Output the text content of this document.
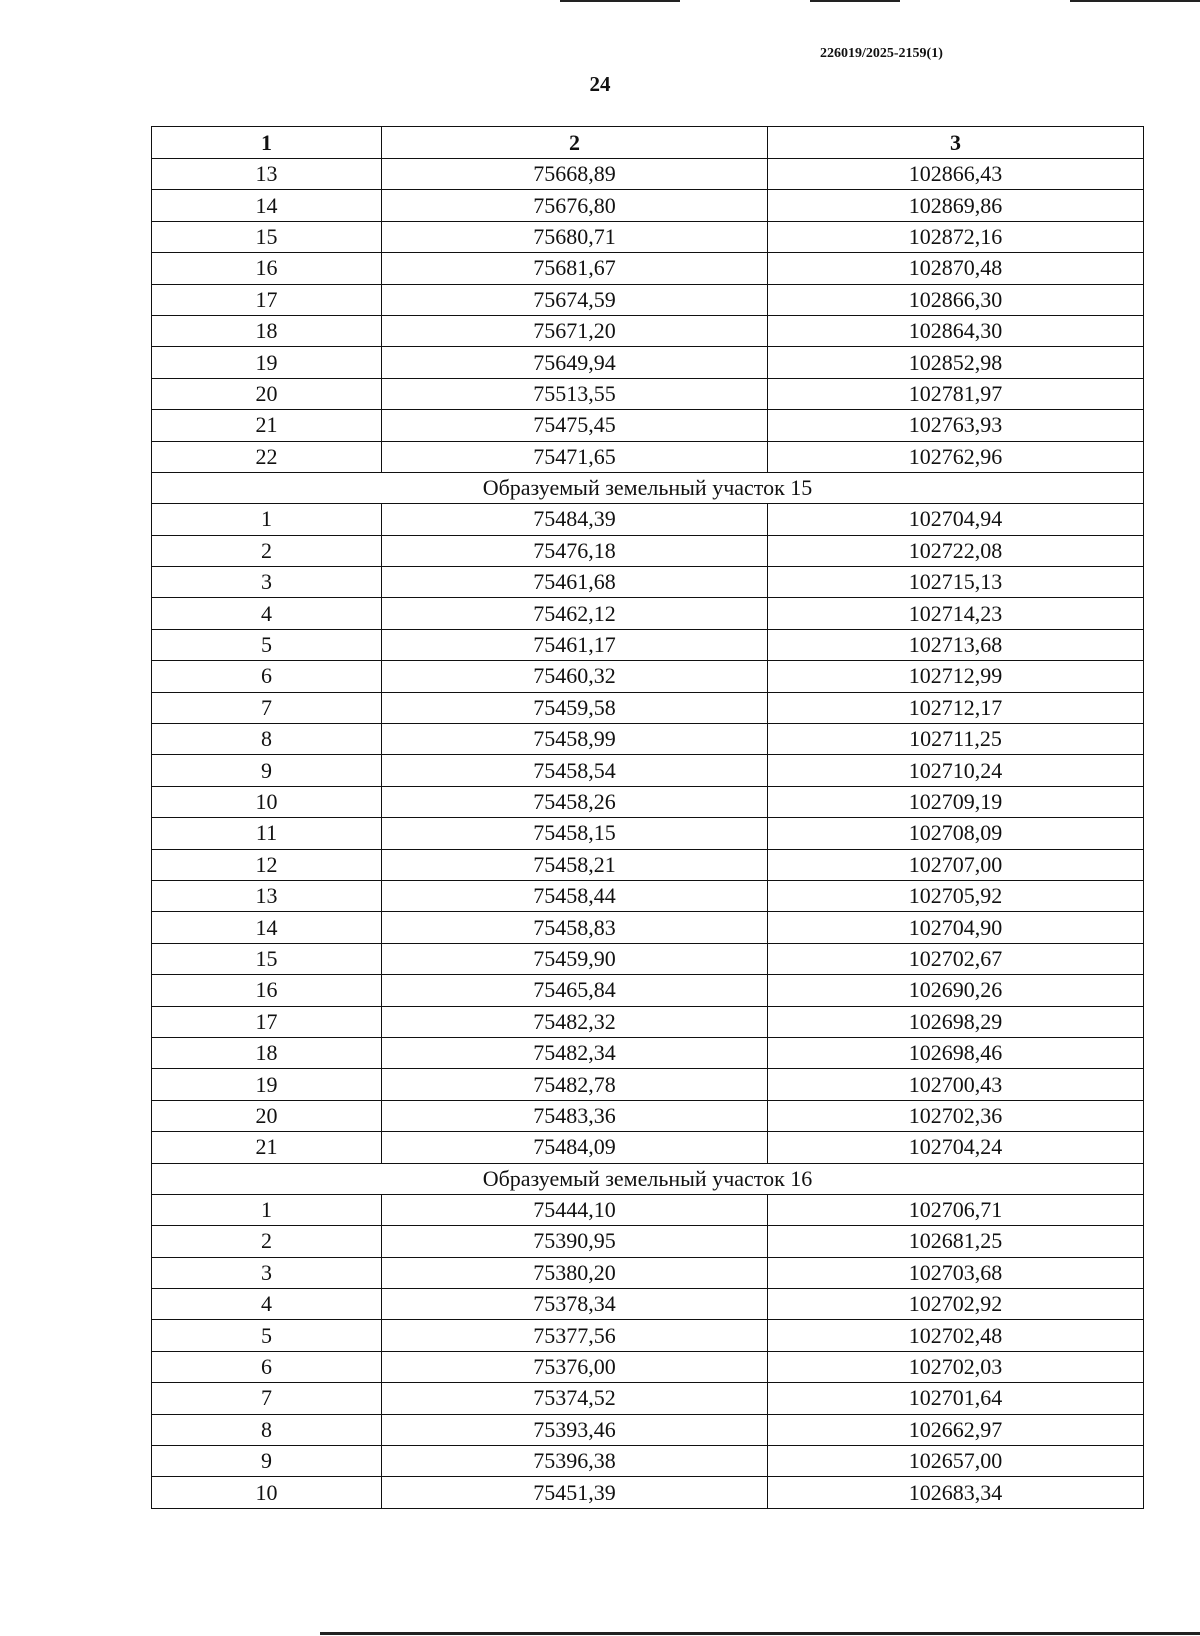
226019/2025-2159(1)
24
1	2	3
13	75668,89	102866,43
14	75676,80	102869,86
15	75680,71	102872,16
16	75681,67	102870,48
17	75674,59	102866,30
18	75671,20	102864,30
19	75649,94	102852,98
20	75513,55	102781,97
21	75475,45	102763,93
22	75471,65	102762,96
Образуемый земельный участок 15		
1	75484,39	102704,94
2	75476,18	102722,08
3	75461,68	102715,13
4	75462,12	102714,23
5	75461,17	102713,68
6	75460,32	102712,99
7	75459,58	102712,17
8	75458,99	102711,25
9	75458,54	102710,24
10	75458,26	102709,19
11	75458,15	102708,09
12	75458,21	102707,00
13	75458,44	102705,92
14	75458,83	102704,90
15	75459,90	102702,67
16	75465,84	102690,26
17	75482,32	102698,29
18	75482,34	102698,46
19	75482,78	102700,43
20	75483,36	102702,36
21	75484,09	102704,24
Образуемый земельный участок 16		
1	75444,10	102706,71
2	75390,95	102681,25
3	75380,20	102703,68
4	75378,34	102702,92
5	75377,56	102702,48
6	75376,00	102702,03
7	75374,52	102701,64
8	75393,46	102662,97
9	75396,38	102657,00
10	75451,39	102683,34
